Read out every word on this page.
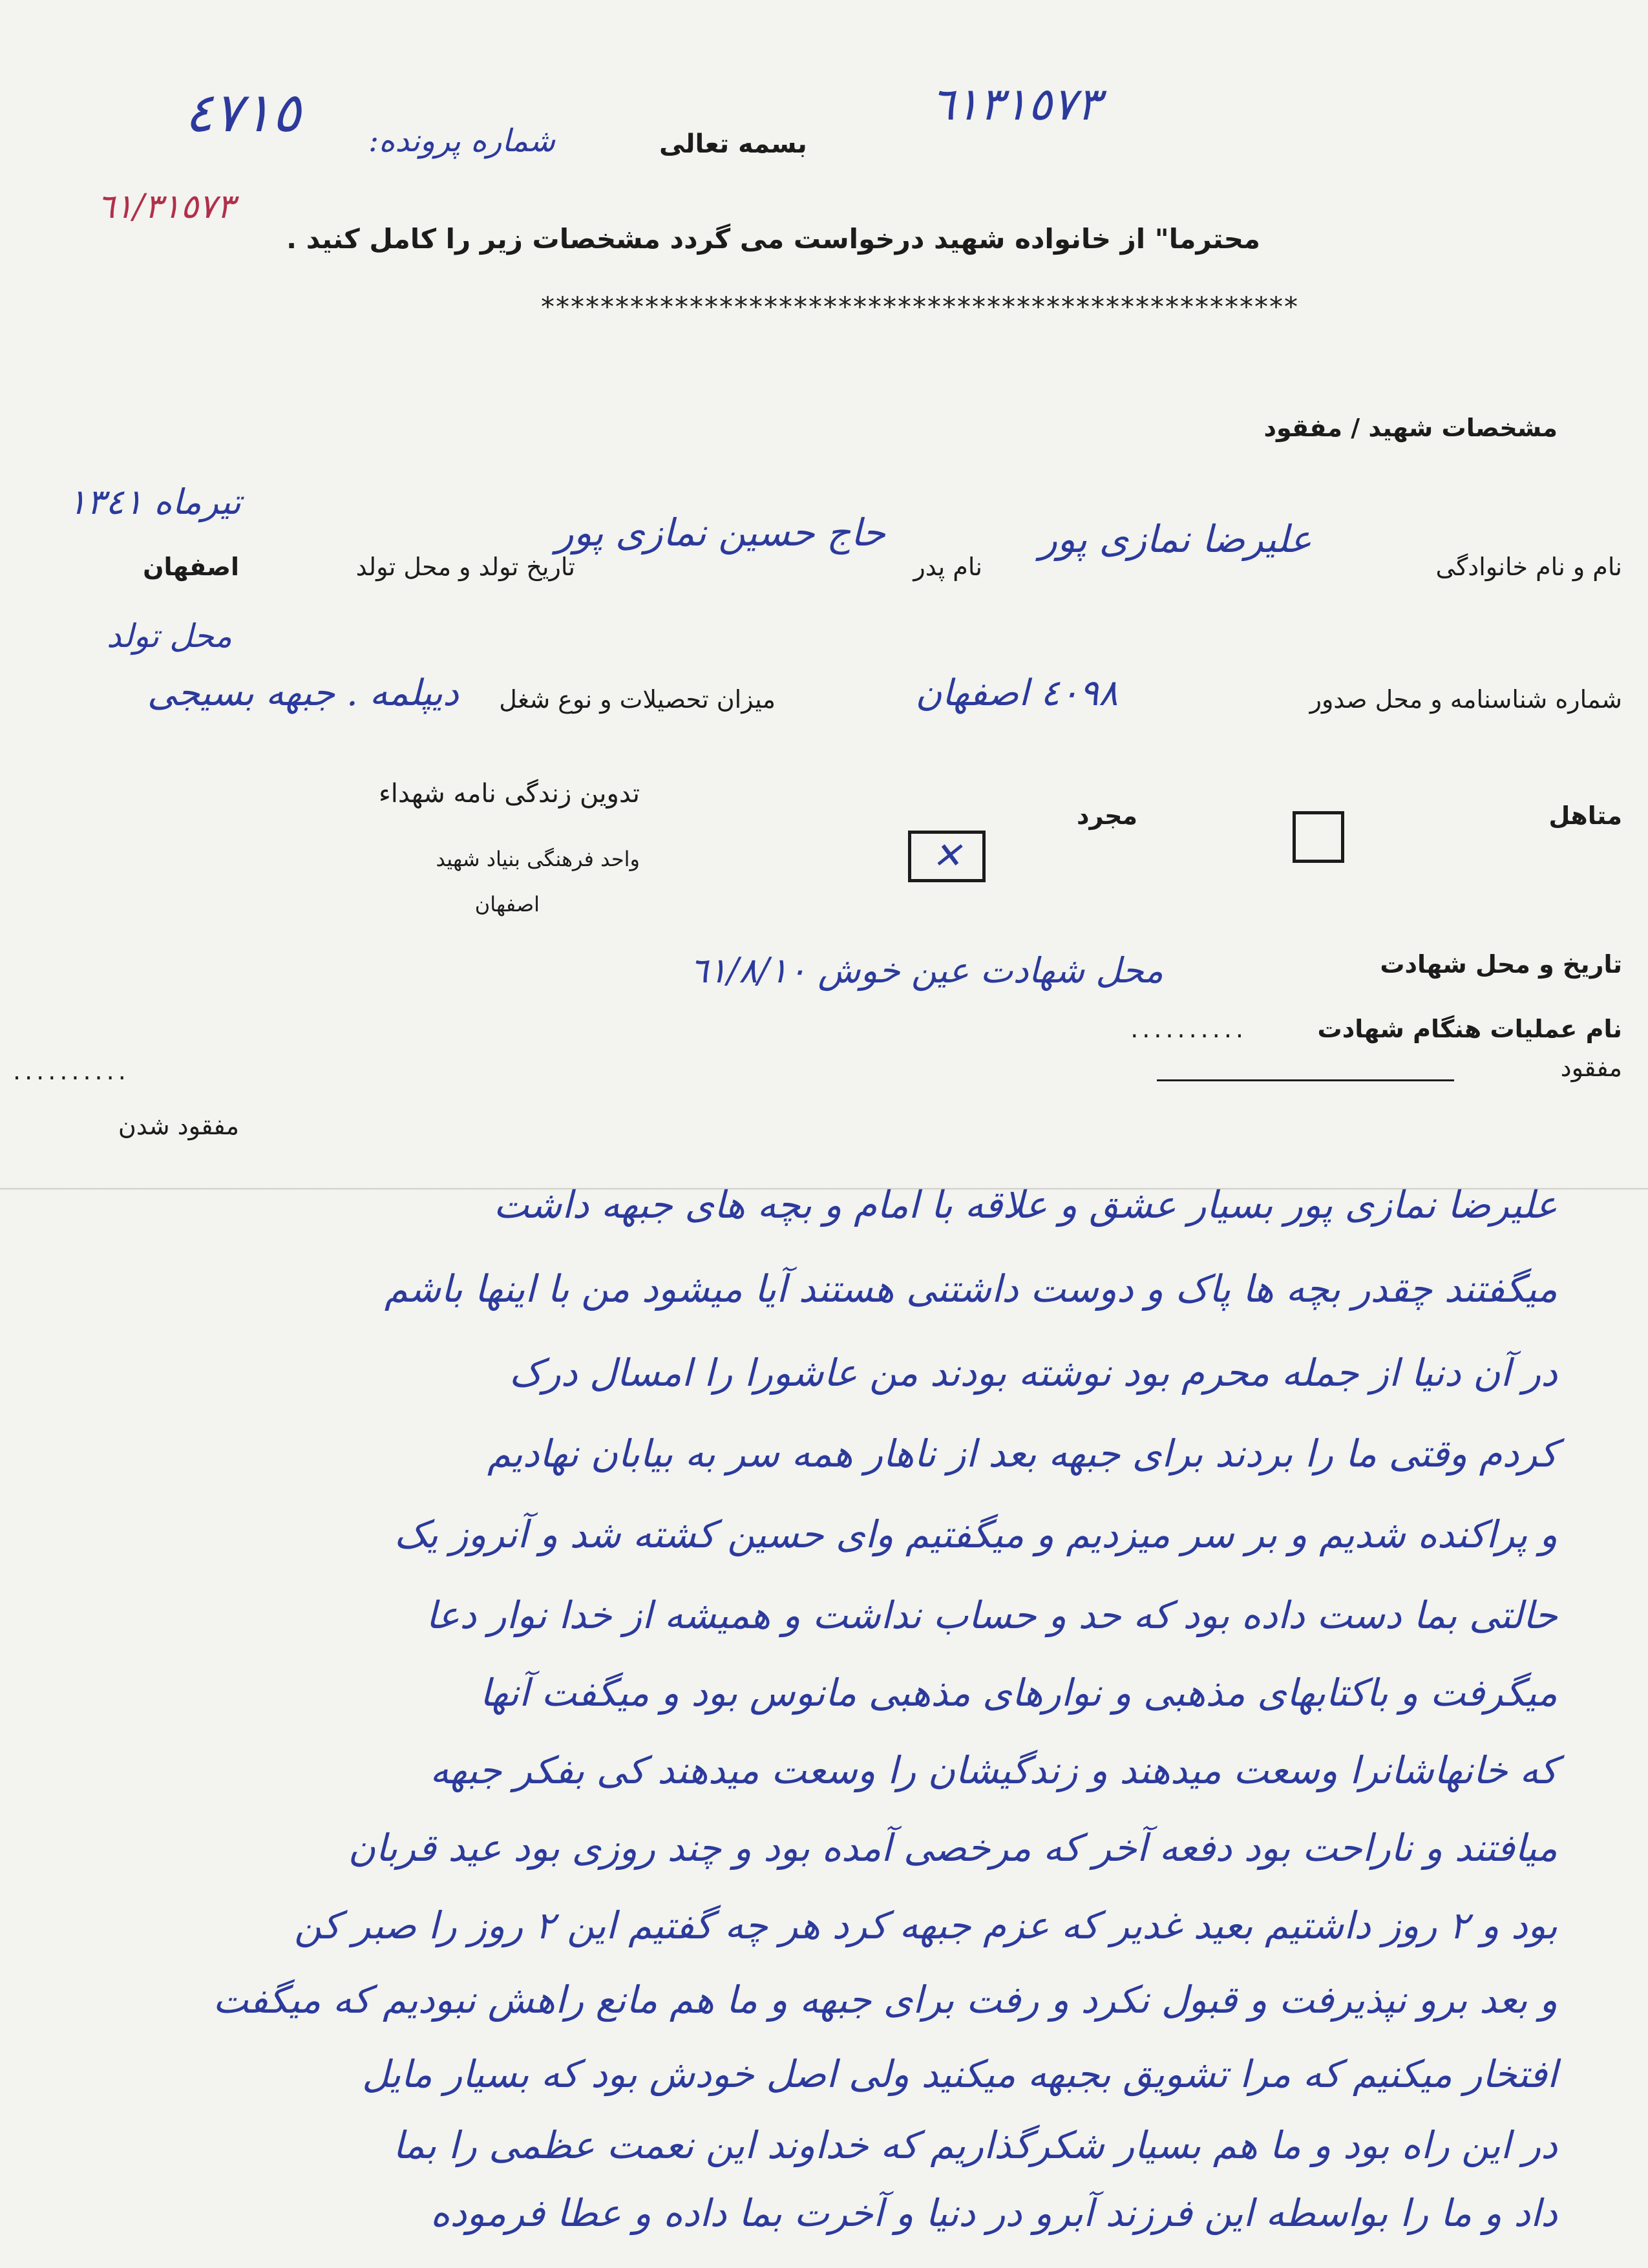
٤٧١٥ شماره پرونده:
٦١٣١٥٧٣
٦١/٣١٥٧٣
بسمه تعالی
محترما" از خانواده شهید درخواست می گردد مشخصات زیر را کامل کنید .
***************************************************
مشخصات شهید / مفقود
نام و نام خانوادگی
علیرضا نمازی پور
نام پدر
حاج حسین نمازی پور
تاریخ تولد و محل تولد
اصفهان
تیرماه ١٣٤١
محل تولد
شماره شناسنامه و محل صدور
٤٠٩٨ اصفهان
میزان تحصیلات و نوع شغل
دیپلمه . جبهه بسیجی
متاهل
مجرد
✕
تدوین زندگی نامه شهداء
واحد فرهنگی بنیاد شهید
اصفهان
تاریخ و محل شهادت
محل شهادت عین خوش ٦١/٨/١٠
نام عملیات هنگام شهادت
..........
مفقود
..........
مفقود شدن
علیرضا نمازی پور بسیار عشق و علاقه با امام و بچه های جبهه داشت
میگفتند چقدر بچه ها پاک و دوست داشتنی هستند آیا میشود من با اینها باشم
در آن دنیا از جمله محرم بود نوشته بودند من عاشورا را امسال درک
کردم وقتی ما را بردند برای جبهه بعد از ناهار همه سر به بیابان نهادیم
و پراکنده شدیم و بر سر میزدیم و میگفتیم وای حسین کشته شد و آنروز یک
حالتی بما دست داده بود که حد و حساب نداشت و همیشه از خدا نوار دعا
میگرفت و باکتابهای مذهبی و نوارهای مذهبی مانوس بود و میگفت آنها
که خانهاشانرا وسعت میدهند و زندگیشان را وسعت میدهند کی بفکر جبهه
میافتند و ناراحت بود دفعه آخر که مرخصی آمده بود و چند روزی بود عید قربان
بود و ٢ روز داشتیم بعید غدیر که عزم جبهه کرد هر چه گفتیم این ٢ روز را صبر کن
و بعد برو نپذیرفت و قبول نکرد و رفت برای جبهه و ما هم مانع راهش نبودیم که میگفت
افتخار میکنیم که مرا تشویق بجبهه میکنید ولی اصل خودش بود که بسیار مایل
در این راه بود و ما هم بسیار شکرگذاریم که خداوند این نعمت عظمی را بما
داد و ما را بواسطه این فرزند آبرو در دنیا و آخرت بما داده و عطا فرموده
